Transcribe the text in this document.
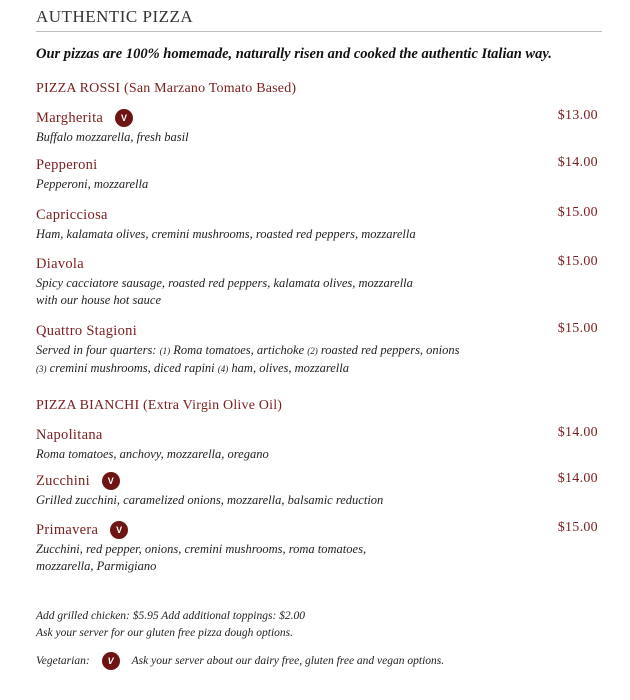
AUTHENTIC PIZZA
Our pizzas are 100% homemade, naturally risen and cooked the authentic Italian way.
PIZZA ROSSI (San Marzano Tomato Based)
Margherita	V
Buffalo mozzarella, fresh basil
$13.00
Pepperoni
Pepperoni, mozzarella
$14.00
Capricciosa
Ham, kalamata olives, cremini mushrooms, roasted red peppers, mozzarella
$15.00
Diavola
Spicy cacciatore sausage, roasted red peppers, kalamata olives, mozzarella
with our house hot sauce
$15.00
Quattro Stagioni
Served in four quarters: (1) Roma tomatoes, artichoke (2) roasted red peppers, onions
(3) cremini mushrooms, diced rapini (4) ham, olives, mozzarella
$15.00
PIZZA BIANCHI (Extra Virgin Olive Oil)
Napolitana
Roma tomatoes, anchovy, mozzarella, oregano
$14.00
Zucchini	V
Grilled zucchini, caramelized onions, mozzarella, balsamic reduction
$14.00
Primavera	V
Zucchini, red pepper, onions, cremini mushrooms, roma tomatoes,
mozzarella, Parmigiano
$15.00
Add grilled chicken: $5.95 Add additional toppings: $2.00
Ask your server for our gluten free pizza dough options.
Vegetarian:	V	Ask your server about our dairy free, gluten free and vegan options.
